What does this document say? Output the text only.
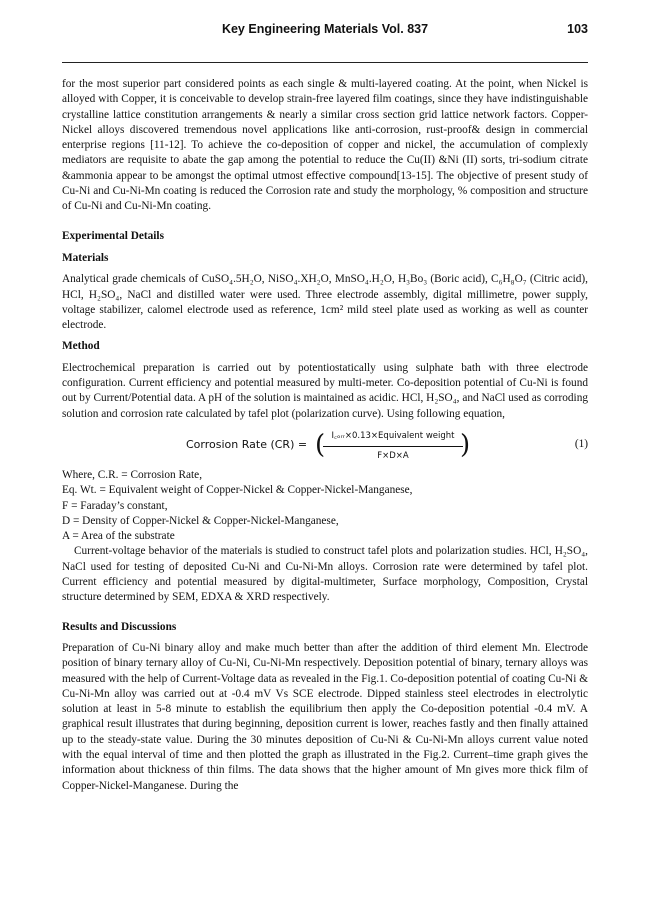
Key Engineering Materials Vol. 837	103

for the most superior part considered points as each single & multi-layered coating. At the point, when Nickel is alloyed with Copper, it is conceivable to develop strain-free layered film coatings, since they have indistinguishable crystalline lattice constitution arrangements & nearly a similar cross section grid lattice network factors. Copper-Nickel alloys discovered tremendous novel applications like anti-corrosion, rust-proof& design in commercial enterprise regions [11-12]. To achieve the co-deposition of copper and nickel, the accumulation of complexly mediators are requisite to abate the gap among the potential to reduce the Cu(II) &Ni (II) sorts, tri-sodium citrate &ammonia appear to be amongst the optimal utmost effective compound[13-15]. The objective of present study of Cu-Ni and Cu-Ni-Mn coating is reduced the Corrosion rate and study the morphology, % composition and structure of Cu-Ni and Cu-Ni-Mn coating.

Experimental Details
Materials

Analytical grade chemicals of CuSO₄.5H₂O, NiSO₄.XH₂O, MnSO₄.H₂O, H₃Bo₃ (Boric acid), C₆H₈O₇ (Citric acid), HCl, H₂SO₄, NaCl and distilled water were used. Three electrode assembly, digital millimetre, power supply, voltage stabilizer, calomel electrode used as reference, 1cm² mild steel plate used as working as well as counter electrode.

Method

Electrochemical preparation is carried out by potentiostatically using sulphate bath with three electrode configuration. Current efficiency and potential measured by multi-meter. Co-deposition potential of Cu-Ni is found out by Current/Potential data. A pH of the solution is maintained as acidic. HCl, H₂SO₄, and NaCl used as corroding solution and corrosion rate calculated by tafel plot (polarization curve). Using following equation,

Corrosion Rate (CR) = ( I꜀ₒᵣᵣ×0.13×Equivalent weight
F×D×A	)	(1)
Where, C.R. = Corrosion Rate,
Eq. Wt. = Equivalent weight of Copper-Nickel & Copper-Nickel-Manganese,
F = Faraday’s constant,
D = Density of Copper-Nickel & Copper-Nickel-Manganese,
A = Area of the substrate

Current-voltage behavior of the materials is studied to construct tafel plots and polarization studies. HCl, H₂SO₄, NaCl used for testing of deposited Cu-Ni and Cu-Ni-Mn alloys. Corrosion rate were determined by tafel plot. Current efficiency and potential measured by digital-multimeter, Surface morphology, Composition, Crystal structure determined by SEM, EDXA & XRD respectively.

Results and Discussions

Preparation of Cu-Ni binary alloy and make much better than after the addition of third element Mn. Electrode position of binary ternary alloy of Cu-Ni, Cu-Ni-Mn respectively. Deposition potential of binary, ternary alloys was measured with the help of Current-Voltage data as revealed in the Fig.1. Co-deposition potential of coating Cu-Ni & Cu-Ni-Mn alloy was carried out at -0.4 mV Vs SCE electrode. Dipped stainless steel electrodes in electrolytic solution at least in 5-8 minute to establish the equilibrium then apply the Co-deposition potential -0.4 mV. A graphical result illustrates that during beginning, deposition current is lower, reaches fastly and then finally attained up to the steady-state value. During the 30 minutes deposition of Cu-Ni & Cu-Ni-Mn alloys current value noted with the equal interval of time and then plotted the graph as illustrated in the Fig.2. Current–time graph gives the information about thickness of thin films. The data shows that the higher amount of Mn gives more thick film of Copper-Nickel-Manganese. During the
